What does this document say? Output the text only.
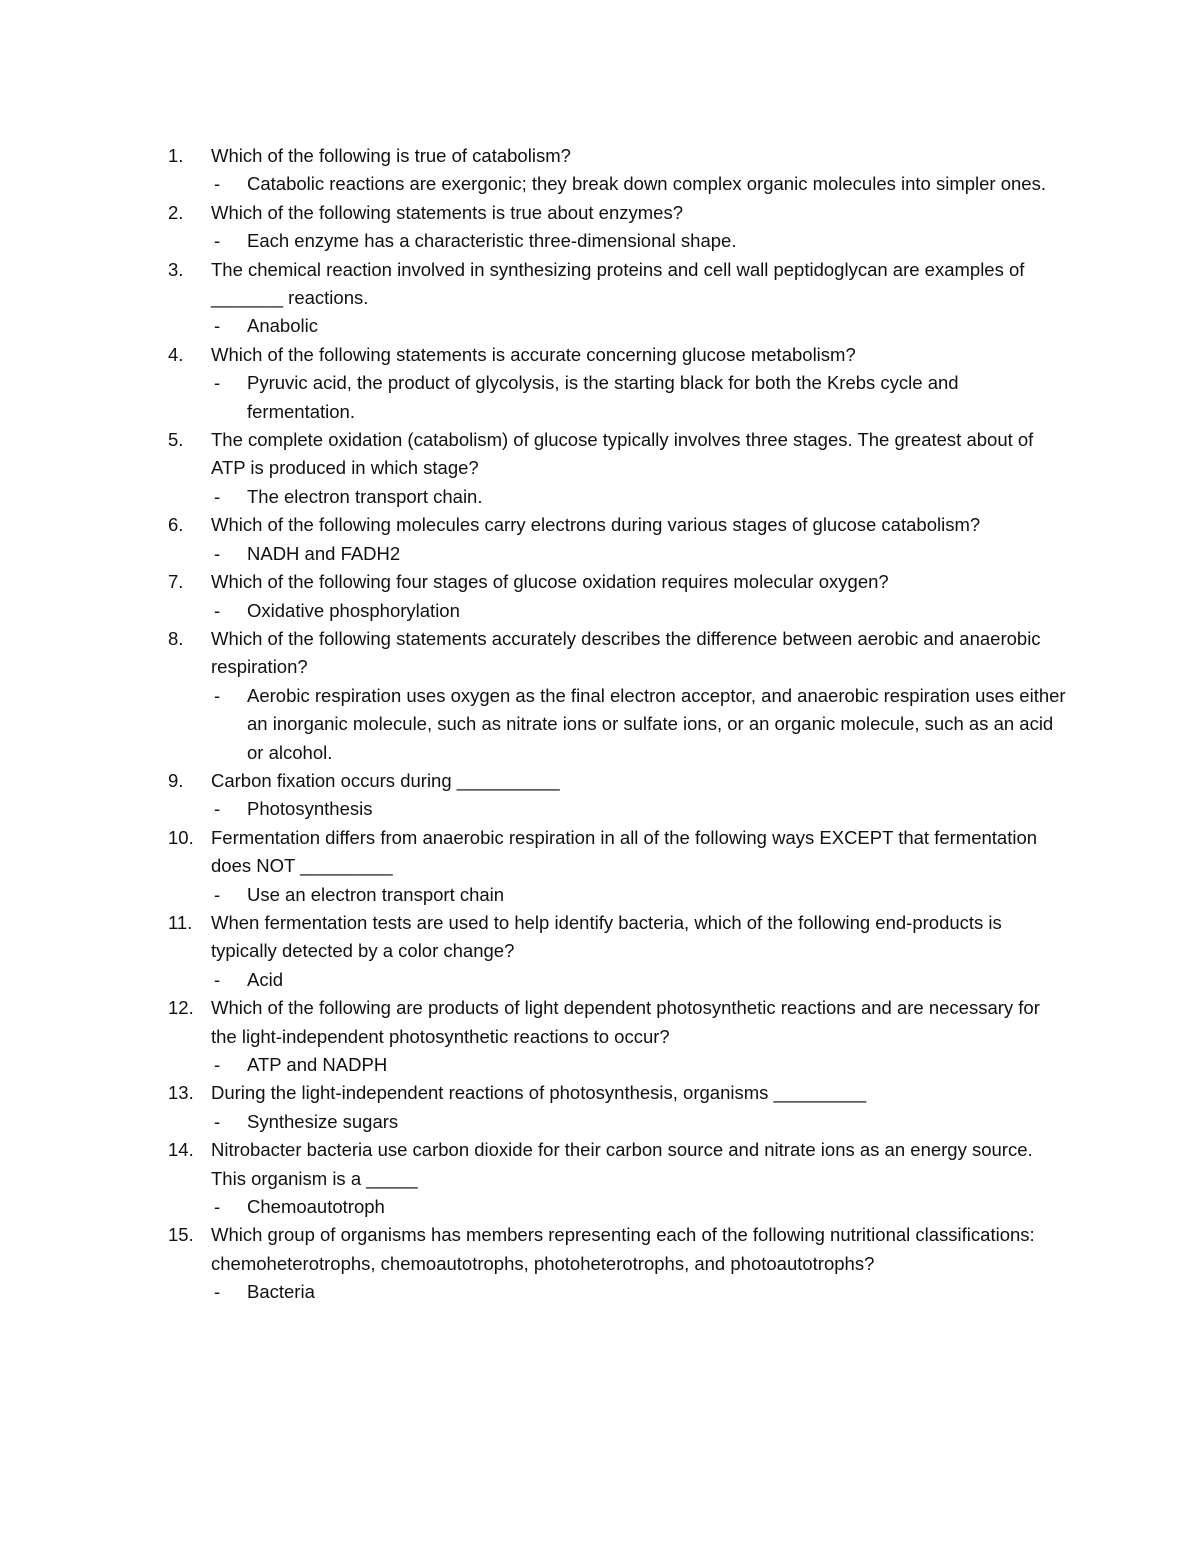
1.	Which of the following is true of catabolism?
-	Catabolic reactions are exergonic; they break down complex organic molecules into simpler ones.
2.	Which of the following statements is true about enzymes?
-	Each enzyme has a characteristic three-dimensional shape.
3.	The chemical reaction involved in synthesizing proteins and cell wall peptidoglycan are examples of _______ reactions.
-	Anabolic
4.	Which of the following statements is accurate concerning glucose metabolism?
-	Pyruvic acid, the product of glycolysis, is the starting black for both the Krebs cycle and fermentation.
5.	The complete oxidation (catabolism) of glucose typically involves three stages. The greatest about of ATP is produced in which stage?
-	The electron transport chain.
6.	Which of the following molecules carry electrons during various stages of glucose catabolism?
-	NADH and FADH2
7.	Which of the following four stages of glucose oxidation requires molecular oxygen?
-	Oxidative phosphorylation
8.	Which of the following statements accurately describes the difference between aerobic and anaerobic respiration?
-	Aerobic respiration uses oxygen as the final electron acceptor, and anaerobic respiration uses either an inorganic molecule, such as nitrate ions or sulfate ions, or an organic molecule, such as an acid or alcohol.
9.	Carbon fixation occurs during __________
-	Photosynthesis
10. Fermentation differs from anaerobic respiration in all of the following ways EXCEPT that fermentation does NOT _________
-	Use an electron transport chain
11.	When fermentation tests are used to help identify bacteria, which of the following end-products is typically detected by a color change?
-	Acid
12. Which of the following are products of light dependent photosynthetic reactions and are necessary for the light-independent photosynthetic reactions to occur?
-	ATP and NADPH
13. During the light-independent reactions of photosynthesis, organisms _________
-	Synthesize sugars
14. Nitrobacter bacteria use carbon dioxide for their carbon source and nitrate ions as an energy source. This organism is a _____
-	Chemoautotroph
15. Which group of organisms has members representing each of the following nutritional classifications: chemoheterotrophs, chemoautotrophs, photoheterotrophs, and photoautotrophs?
-	Bacteria
